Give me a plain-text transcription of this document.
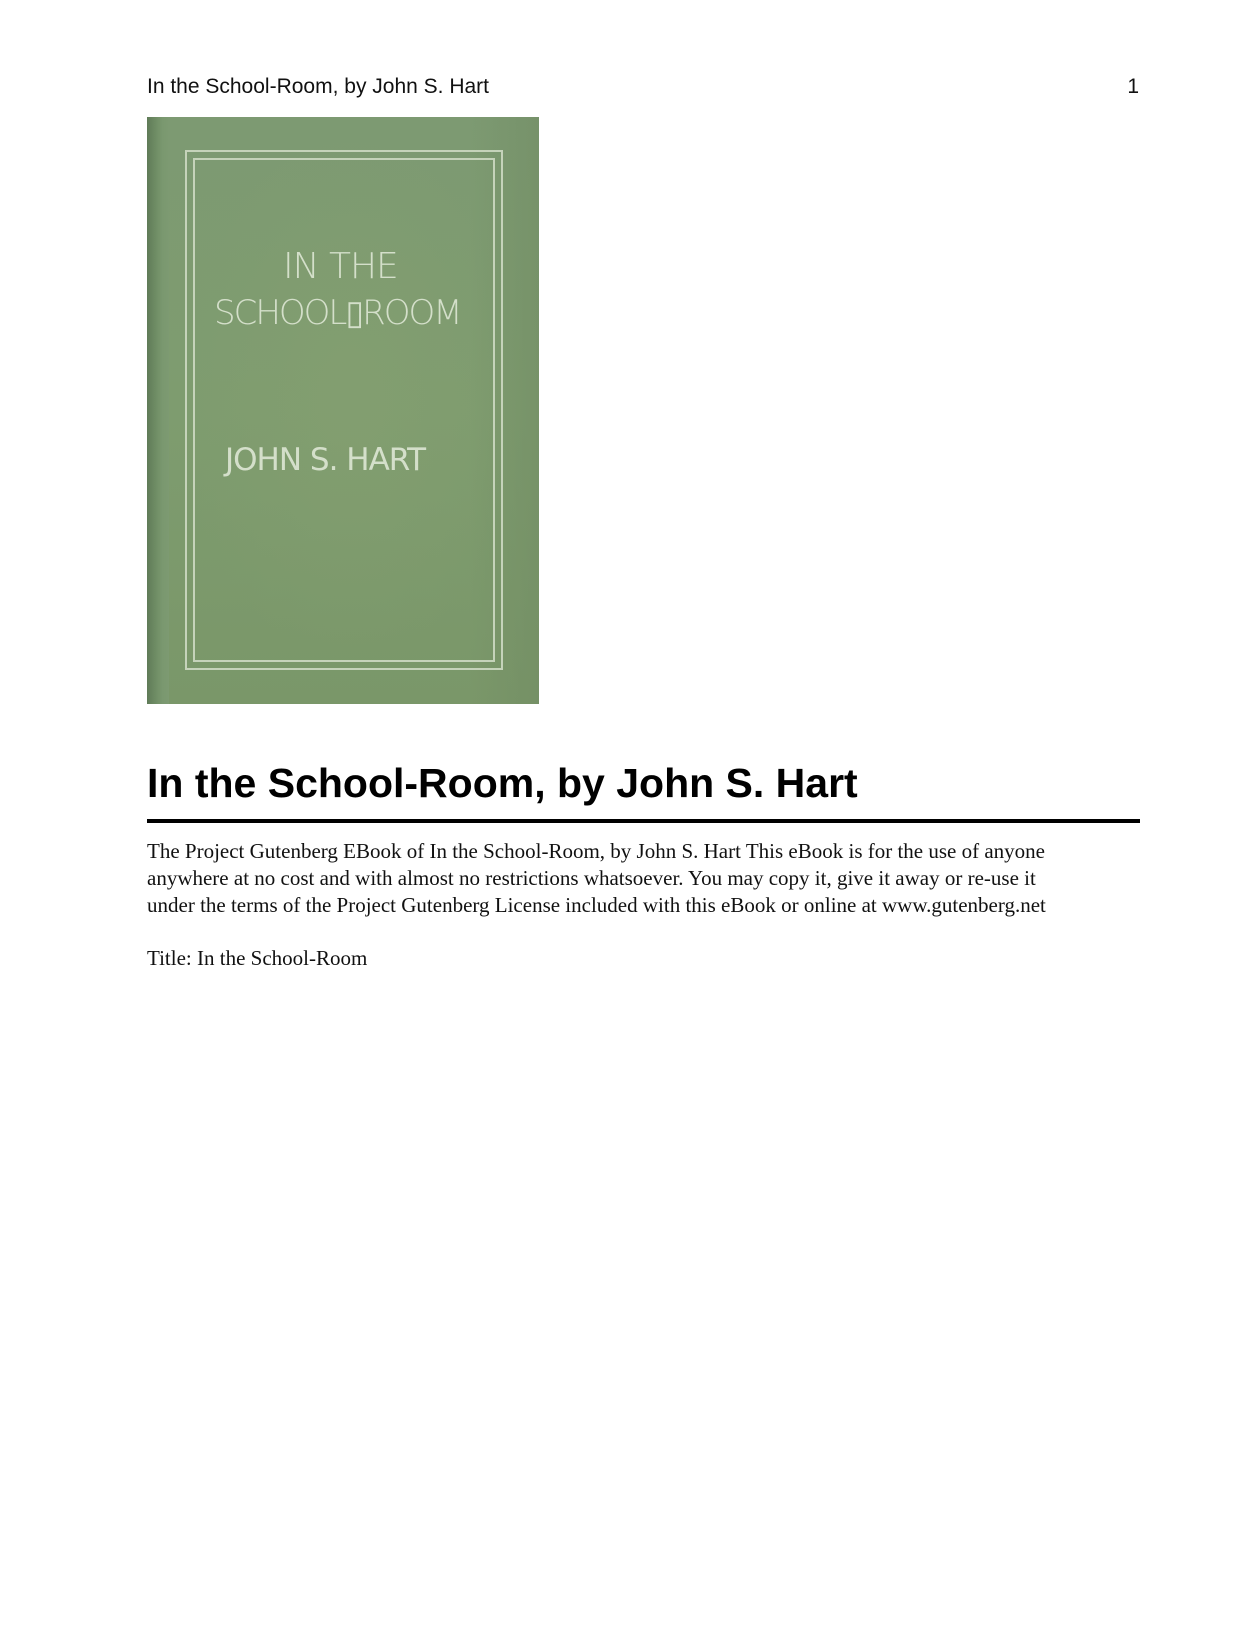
In the School-Room, by John S. Hart	1
IN THE
SCHOOL▯ROOM
JOHN S. HART
In the School-Room, by John S. Hart

The Project Gutenberg EBook of In the School-Room, by John S. Hart This eBook is for the use of anyone
anywhere at no cost and with almost no restrictions whatsoever. You may copy it, give it away or re-use it
under the terms of the Project Gutenberg License included with this eBook or online at www.gutenberg.net

Title: In the School-Room
